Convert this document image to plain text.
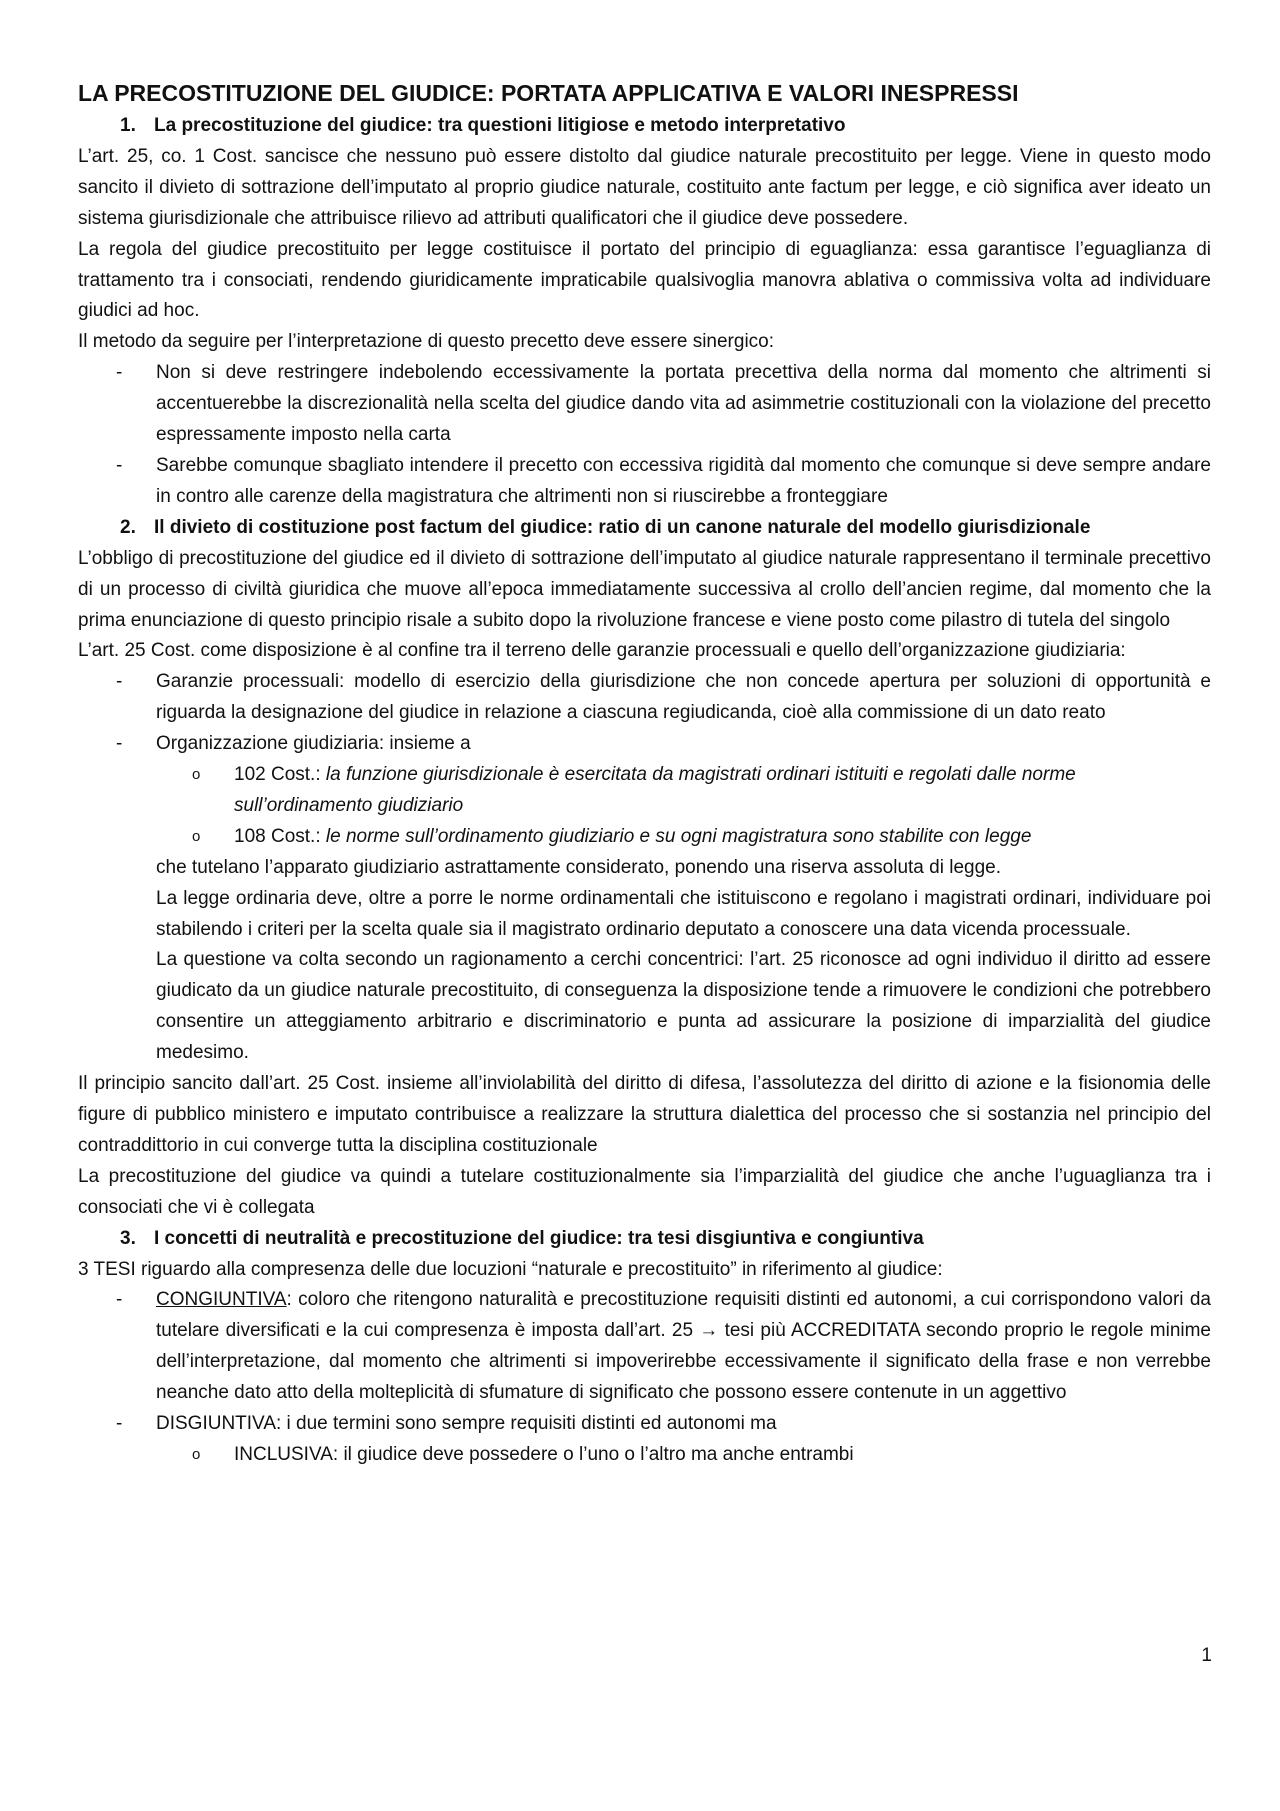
LA PRECOSTITUZIONE DEL GIUDICE: PORTATA APPLICATIVA E VALORI INESPRESSI

1. La precostituzione del giudice: tra questioni litigiose e metodo interpretativo

L’art. 25, co. 1 Cost. sancisce che nessuno può essere distolto dal giudice naturale precostituito per legge. Viene in questo modo sancito il divieto di sottrazione dell’imputato al proprio giudice naturale, costituito ante factum per legge, e ciò significa aver ideato un sistema giurisdizionale che attribuisce rilievo ad attributi qualificatori che il giudice deve possedere.

La regola del giudice precostituito per legge costituisce il portato del principio di eguaglianza: essa garantisce l’eguaglianza di trattamento tra i consociati, rendendo giuridicamente impraticabile qualsivoglia manovra ablativa o commissiva volta ad individuare giudici ad hoc.

Il metodo da seguire per l’interpretazione di questo precetto deve essere sinergico:

- Non si deve restringere indebolendo eccessivamente la portata precettiva della norma dal momento che altrimenti si accentuerebbe la discrezionalità nella scelta del giudice dando vita ad asimmetrie costituzionali con la violazione del precetto espressamente imposto nella carta
- Sarebbe comunque sbagliato intendere il precetto con eccessiva rigidità dal momento che comunque si deve sempre andare in contro alle carenze della magistratura che altrimenti non si riuscirebbe a fronteggiare

2. Il divieto di costituzione post factum del giudice: ratio di un canone naturale del modello giurisdizionale

L’obbligo di precostituzione del giudice ed il divieto di sottrazione dell’imputato al giudice naturale rappresentano il terminale precettivo di un processo di civiltà giuridica che muove all’epoca immediatamente successiva al crollo dell’ancien regime, dal momento che la prima enunciazione di questo principio risale a subito dopo la rivoluzione francese e viene posto come pilastro di tutela del singolo

L’art. 25 Cost. come disposizione è al confine tra il terreno delle garanzie processuali e quello dell’organizzazione giudiziaria:

- Garanzie processuali: modello di esercizio della giurisdizione che non concede apertura per soluzioni di opportunità e riguarda la designazione del giudice in relazione a ciascuna regiudicanda, cioè alla commissione di un dato reato
- Organizzazione giudiziaria: insieme a
o 102 Cost.: la funzione giurisdizionale è esercitata da magistrati ordinari istituiti e regolati dalle norme sull’ordinamento giudiziario
o 108 Cost.: le norme sull’ordinamento giudiziario e su ogni magistratura sono stabilite con legge

che tutelano l’apparato giudiziario astrattamente considerato, ponendo una riserva assoluta di legge.

La legge ordinaria deve, oltre a porre le norme ordinamentali che istituiscono e regolano i magistrati ordinari, individuare poi stabilendo i criteri per la scelta quale sia il magistrato ordinario deputato a conoscere una data vicenda processuale.

La questione va colta secondo un ragionamento a cerchi concentrici: l’art. 25 riconosce ad ogni individuo il diritto ad essere giudicato da un giudice naturale precostituito, di conseguenza la disposizione tende a rimuovere le condizioni che potrebbero consentire un atteggiamento arbitrario e discriminatorio e punta ad assicurare la posizione di imparzialità del giudice medesimo.

Il principio sancito dall’art. 25 Cost. insieme all’inviolabilità del diritto di difesa, l’assolutezza del diritto di azione e la fisionomia delle figure di pubblico ministero e imputato contribuisce a realizzare la struttura dialettica del processo che si sostanzia nel principio del contraddittorio in cui converge tutta la disciplina costituzionale

La precostituzione del giudice va quindi a tutelare costituzionalmente sia l’imparzialità del giudice che anche l’uguaglianza tra i consociati che vi è collegata

3. I concetti di neutralità e precostituzione del giudice: tra tesi disgiuntiva e congiuntiva

3 TESI riguardo alla compresenza delle due locuzioni “naturale e precostituito” in riferimento al giudice:

- CONGIUNTIVA: coloro che ritengono naturalità e precostituzione requisiti distinti ed autonomi, a cui corrispondono valori da tutelare diversificati e la cui compresenza è imposta dall’art. 25 → tesi più ACCREDITATA secondo proprio le regole minime dell’interpretazione, dal momento che altrimenti si impoverirebbe eccessivamente il significato della frase e non verrebbe neanche dato atto della molteplicità di sfumature di significato che possono essere contenute in un aggettivo
- DISGIUNTIVA: i due termini sono sempre requisiti distinti ed autonomi ma
o INCLUSIVA: il giudice deve possedere o l’uno o l’altro ma anche entrambi
1
